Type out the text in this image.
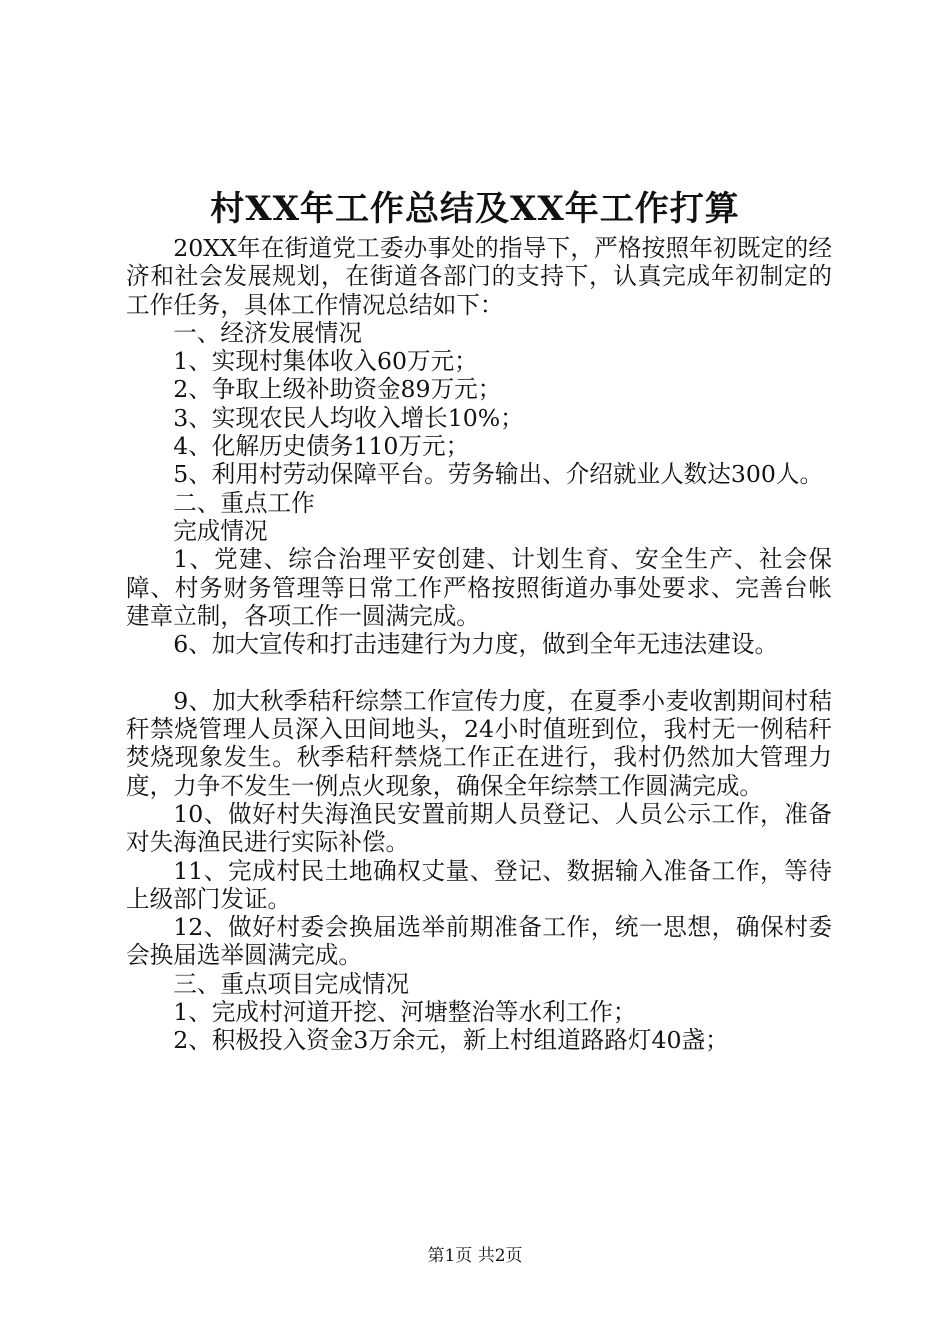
村XX年工作总结及XX年工作打算

20XX年在街道党工委办事处的指导下，严格按照年初既定的经济和社会发展规划，在街道各部门的支持下，认真完成年初制定的工作任务，具体工作情况总结如下：

一、经济发展情况

1、实现村集体收入60万元；

2、争取上级补助资金89万元；

3、实现农民人均收入增长10%；

4、化解历史债务110万元；

5、利用村劳动保障平台。劳务输出、介绍就业人数达300人。

二、重点工作

完成情况

1、党建、综合治理平安创建、计划生育、安全生产、社会保障、村务财务管理等日常工作严格按照街道办事处要求、完善台帐建章立制，各项工作一圆满完成。

6、加大宣传和打击违建行为力度，做到全年无违法建设。

9、加大秋季秸秆综禁工作宣传力度，在夏季小麦收割期间村秸秆禁烧管理人员深入田间地头，24小时值班到位，我村无一例秸秆焚烧现象发生。秋季秸秆禁烧工作正在进行，我村仍然加大管理力度，力争不发生一例点火现象，确保全年综禁工作圆满完成。

10、做好村失海渔民安置前期人员登记、人员公示工作，准备对失海渔民进行实际补偿。

11、完成村民土地确权丈量、登记、数据输入准备工作，等待上级部门发证。

12、做好村委会换届选举前期准备工作，统一思想，确保村委会换届选举圆满完成。

三、重点项目完成情况

1、完成村河道开挖、河塘整治等水利工作；

2、积极投入资金3万余元，新上村组道路路灯40盏；

第1页 共2页
